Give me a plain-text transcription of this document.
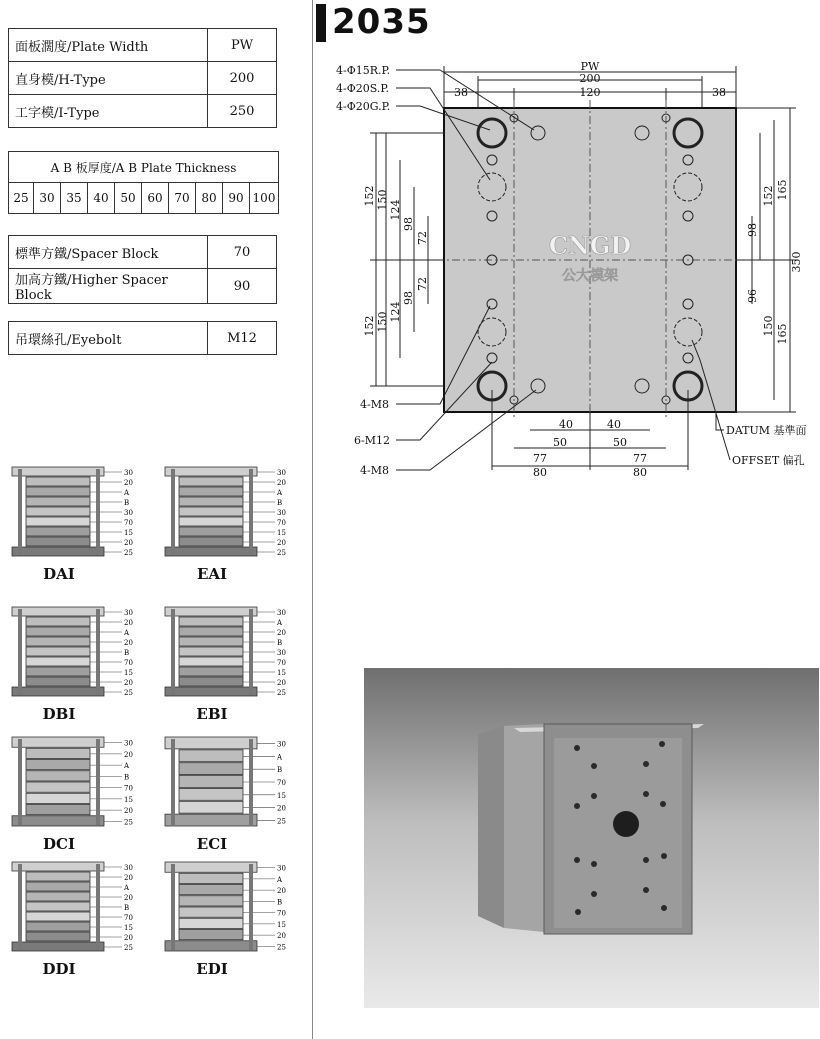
面板濶度/Plate Width	PW
直身模/H-Type	200
工字模/I-Type	250
A B 板厚度/A B Plate Thickness
25	30	35	40	50	60	70	80	90	100
標準方鐵/Spacer Block	70
加高方鐵/Higher Spacer Block	90
吊環絲孔/Eyebolt	M12
30
20
A
B
30
70
15
20
25
DAI
30
20
A
B
30
70
15
20
25
EAI
30
20
A
20
B
70
15
20
25
DBI
30
A
20
B
30
70
15
20
25
EBI
30
20
A
B
70
15
20
25
DCI
30
A
B
70
15
20
25
ECI
30
20
A
20
B
70
15
20
25
DDI
30
A
20
B
70
15
20
25
EDI
2035
CNGD
公大模架
4-Φ15R.P.
4-Φ20S.P.
4-Φ20G.P.
4-M8
6-M12
4-M8
PW
200
38	120	38
152 150 124
98
72
72
98
124
150
152
152 165
98
350
96
150 165
40	40
50	50
77	77
80	80
DATUM 基準面
OFFSET 偏孔
